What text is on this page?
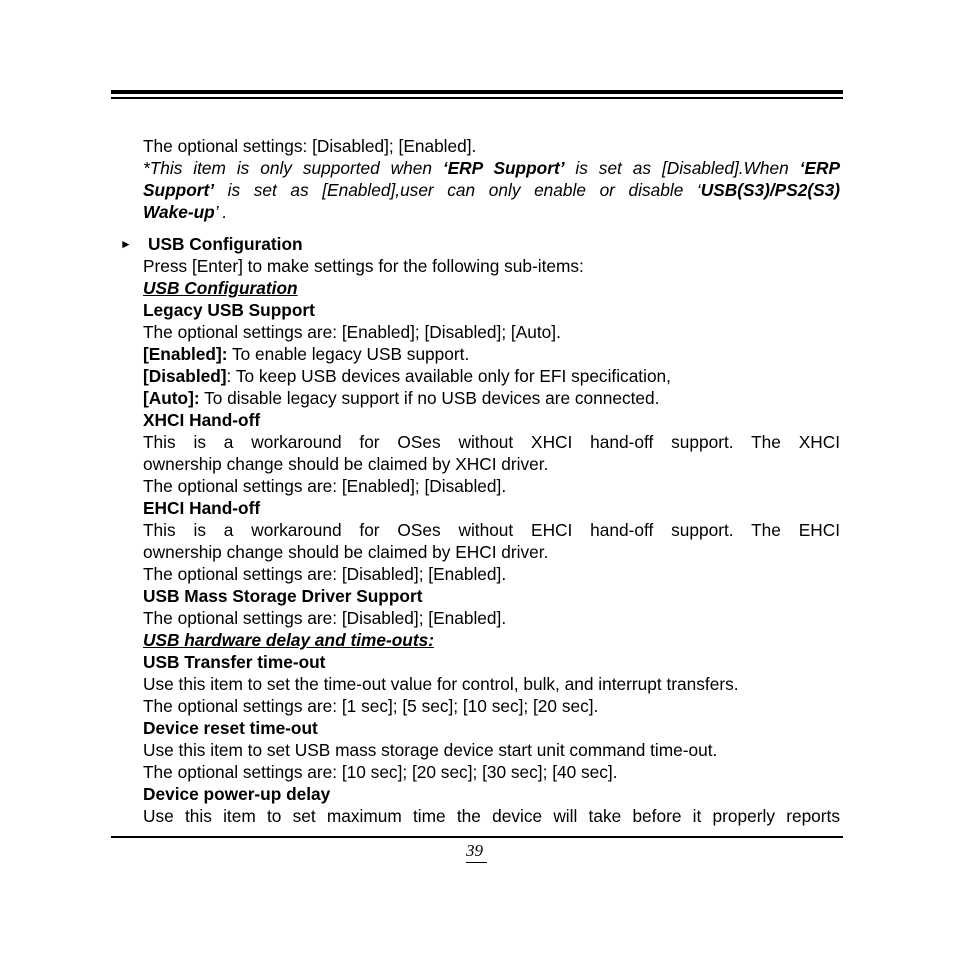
The optional settings: [Disabled]; [Enabled].
*This item is only supported when ‘ERP Support’ is set as [Disabled].When ‘ERP
Support’ is set as [Enabled],user can only enable or disable ‘USB(S3)/PS2(S3)
Wake-up’ .
► USB Configuration
Press [Enter] to make settings for the following sub-items:
USB Configuration
Legacy USB Support
The optional settings are: [Enabled]; [Disabled]; [Auto].
[Enabled]: To enable legacy USB support.
[Disabled]: To keep USB devices available only for EFI specification,
[Auto]: To disable legacy support if no USB devices are connected.
XHCI Hand-off
This is a workaround for OSes without XHCI hand-off support. The XHCI
ownership change should be claimed by XHCI driver.
The optional settings are: [Enabled]; [Disabled].
EHCI Hand-off
This is a workaround for OSes without EHCI hand-off support. The EHCI
ownership change should be claimed by EHCI driver.
The optional settings are: [Disabled]; [Enabled].
USB Mass Storage Driver Support
The optional settings are: [Disabled]; [Enabled].
USB hardware delay and time-outs:
USB Transfer time-out
Use this item to set the time-out value for control, bulk, and interrupt transfers.
The optional settings are: [1 sec]; [5 sec]; [10 sec]; [20 sec].
Device reset time-out
Use this item to set USB mass storage device start unit command time-out.
The optional settings are: [10 sec]; [20 sec]; [30 sec]; [40 sec].
Device power-up delay
Use this item to set maximum time the device will take before it properly reports
39
